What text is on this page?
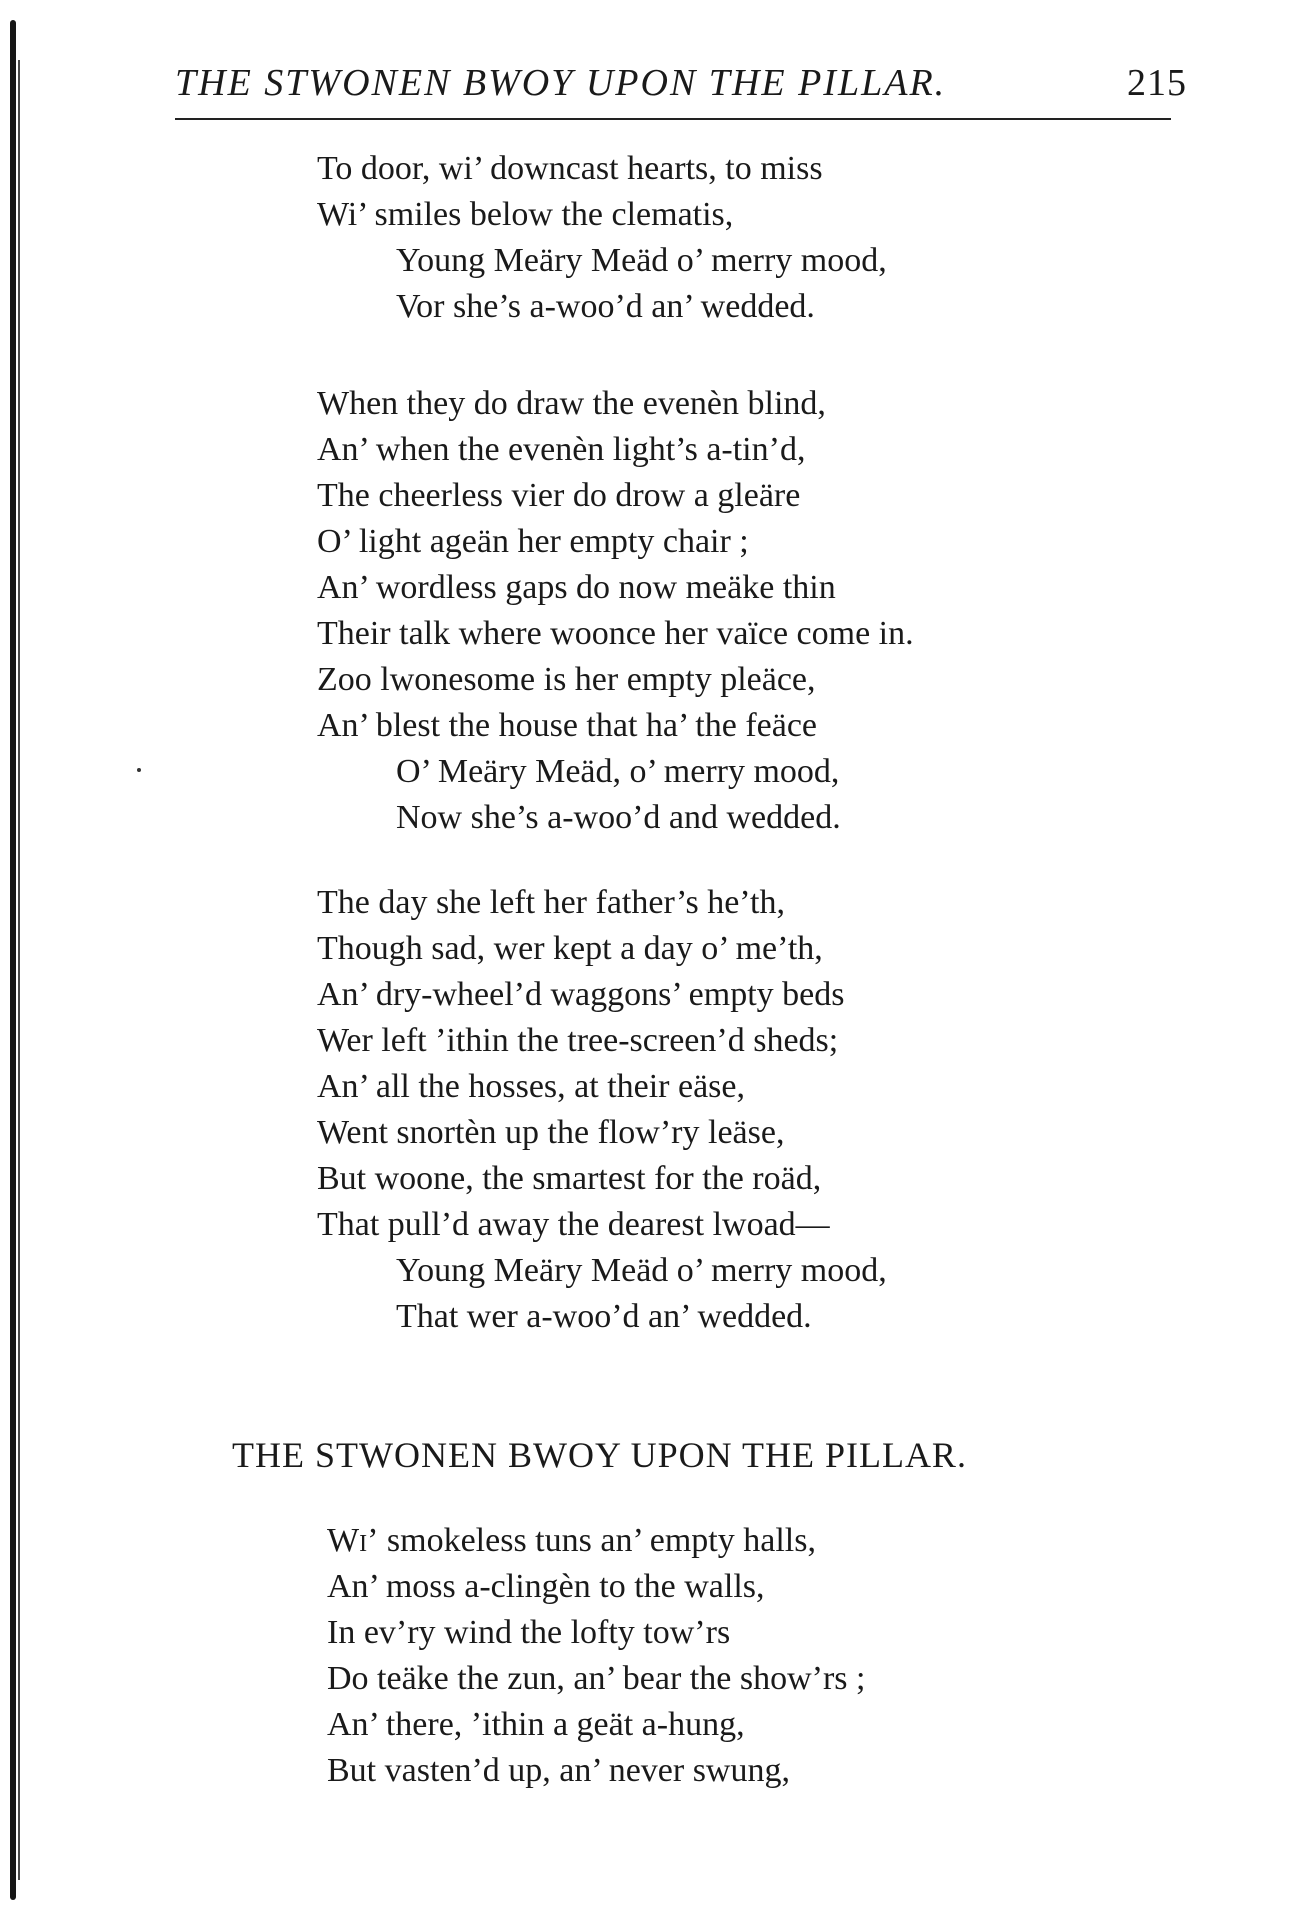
THE STWONEN BWOY UPON THE PILLAR.	215
To door, wi’ downcast hearts, to miss
Wi’ smiles below the clematis,
Young Meäry Meäd o’ merry mood,
Vor she’s a-woo’d an’ wedded.
When they do draw the evenèn blind,
An’ when the evenèn light’s a-tin’d,
The cheerless vier do drow a gleäre
O’ light ageän her empty chair ;
An’ wordless gaps do now meäke thin
Their talk where woonce her vaïce come in.
Zoo lwonesome is her empty pleäce,
An’ blest the house that ha’ the feäce
O’ Meäry Meäd, o’ merry mood,
Now she’s a-woo’d and wedded.
The day she left her father’s he’th,
Though sad, wer kept a day o’ me’th,
An’ dry-wheel’d waggons’ empty beds
Wer left ’ithin the tree-screen’d sheds;
An’ all the hosses, at their eäse,
Went snortèn up the flow’ry leäse,
But woone, the smartest for the roäd,
That pull’d away the dearest lwoad—
Young Meäry Meäd o’ merry mood,
That wer a-woo’d an’ wedded.
THE STWONEN BWOY UPON THE PILLAR.
Wi’ smokeless tuns an’ empty halls,
An’ moss a-clingèn to the walls,
In ev’ry wind the lofty tow’rs
Do teäke the zun, an’ bear the show’rs ;
An’ there, ’ithin a geät a-hung,
But vasten’d up, an’ never swung,
